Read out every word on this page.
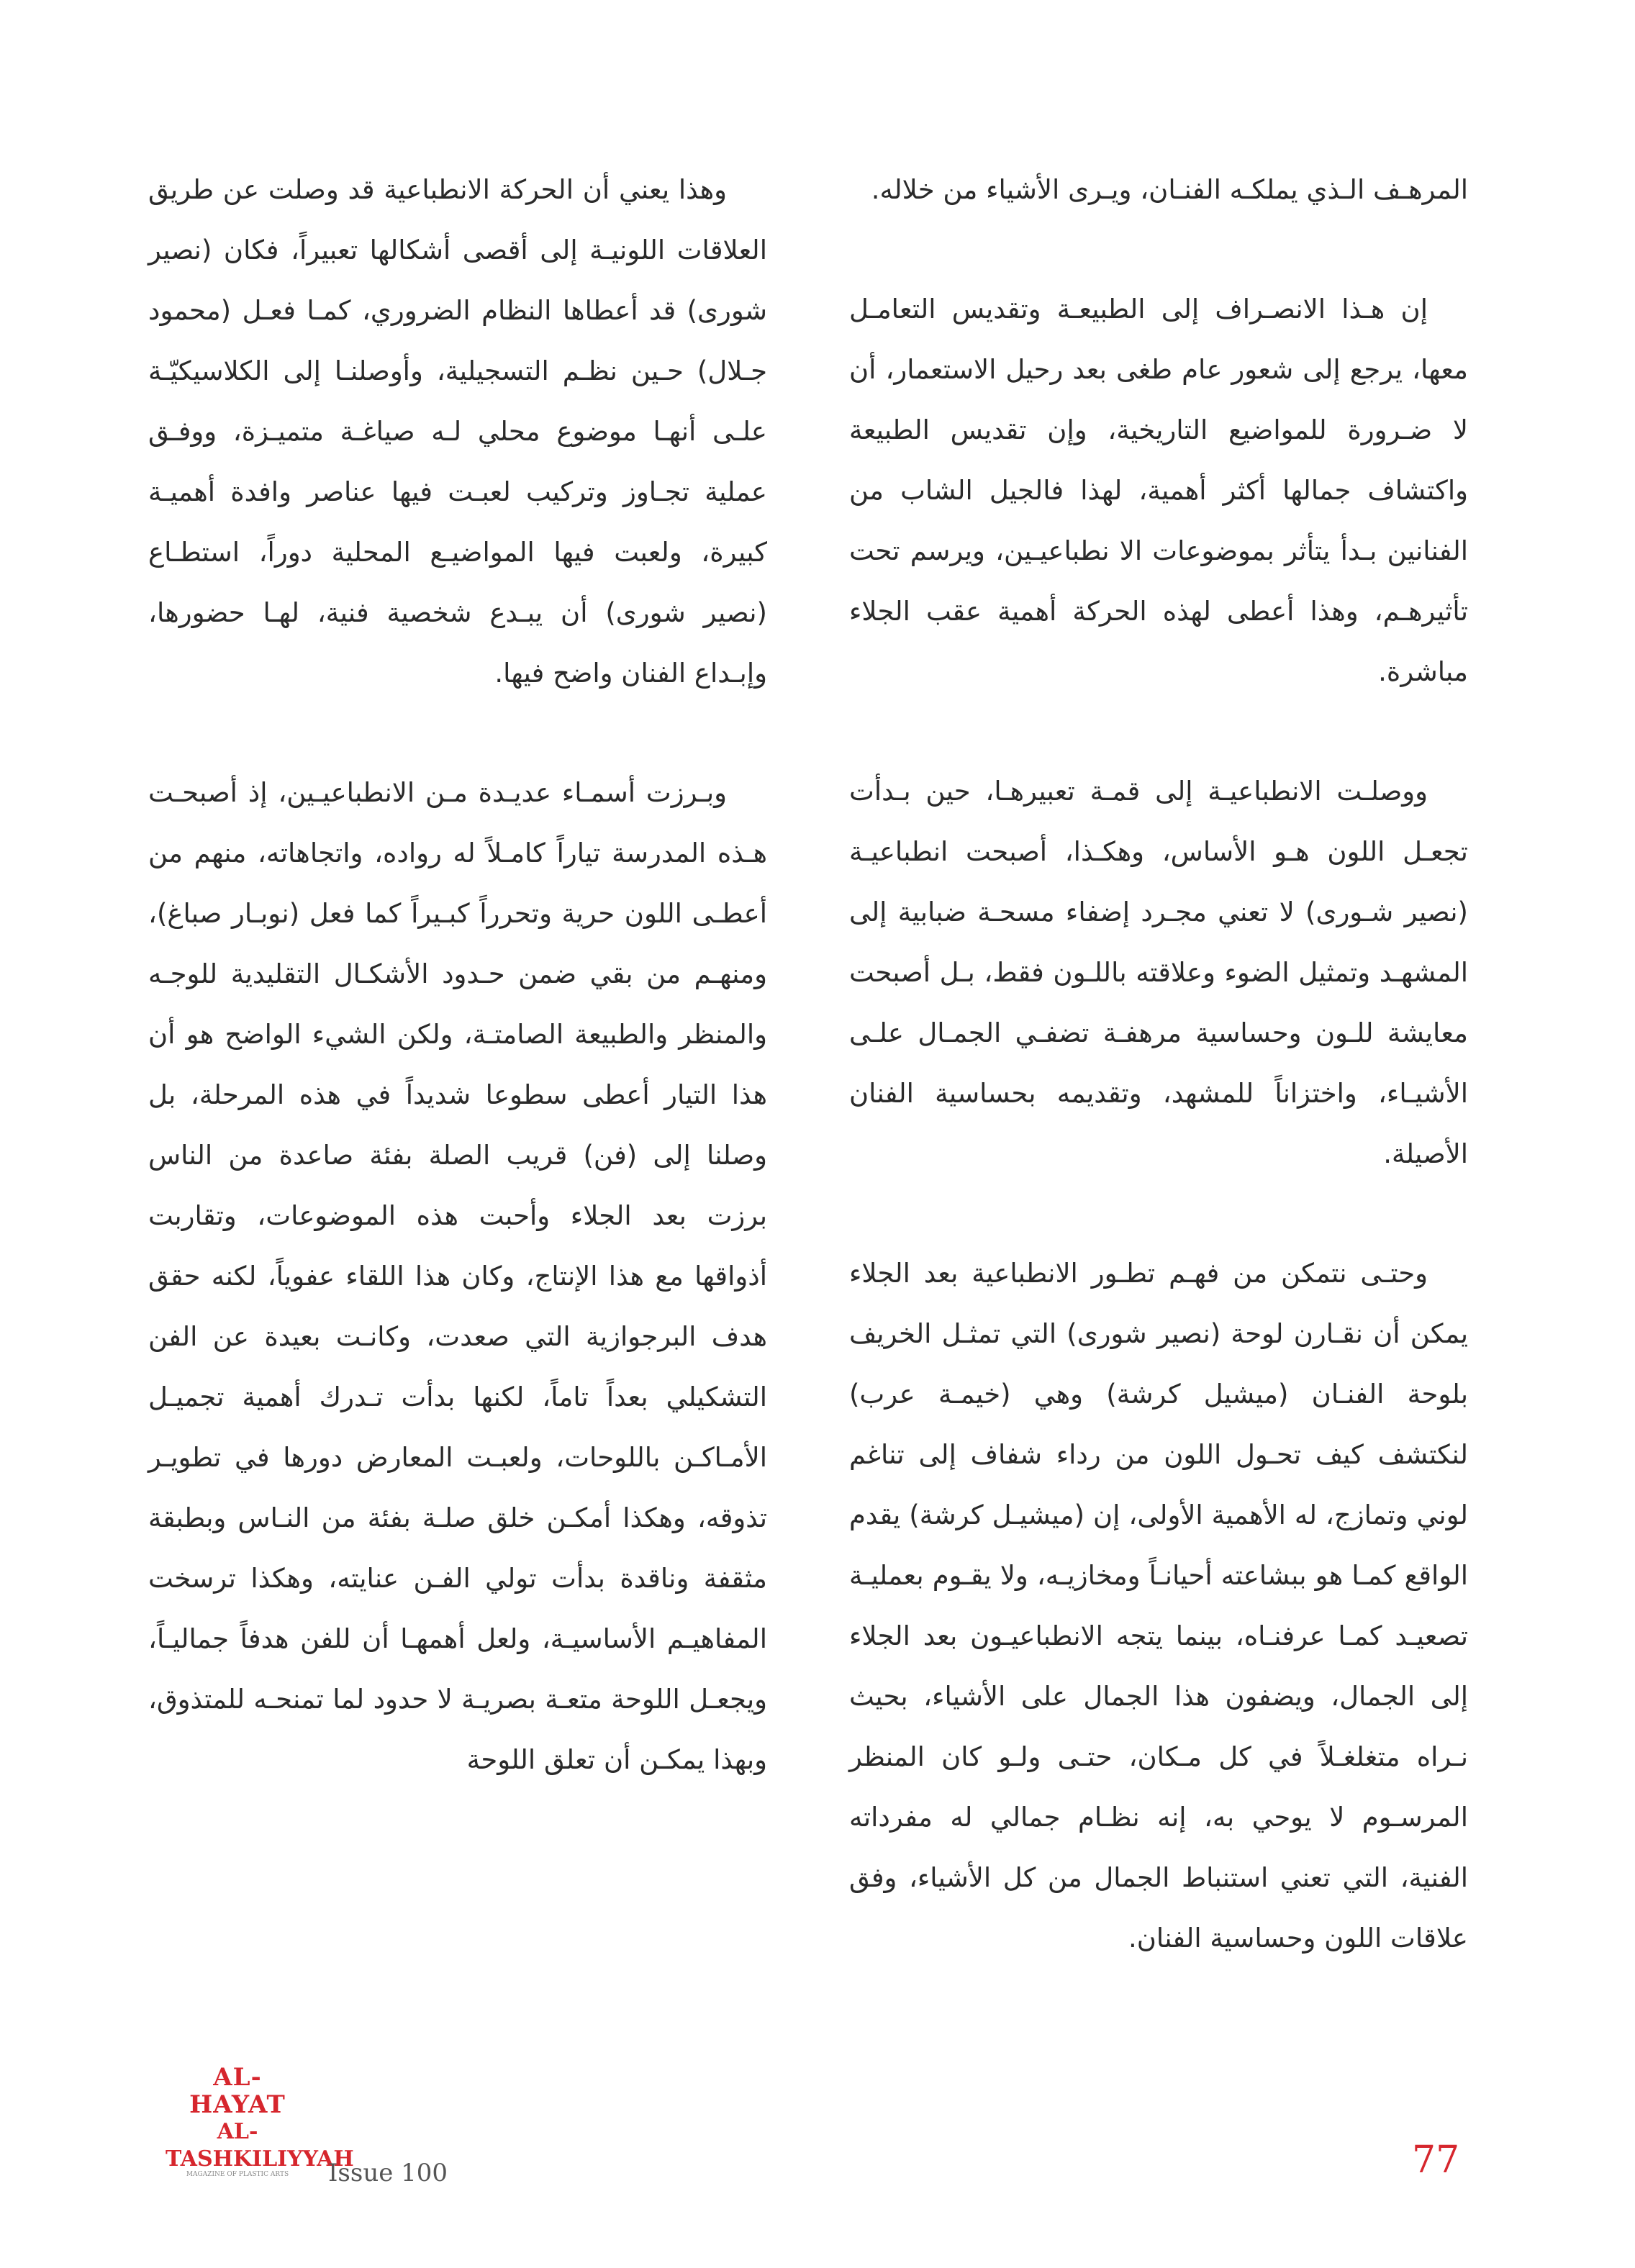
المرهـف الـذي يملكـه الفنـان، ويـرى الأشياء من خلاله.

إن هـذا الانصـراف إلى الطبيعـة وتقديس التعامـل معها، يرجع إلى شعور عام طغى بعد رحيل الاستعمار، أن لا ضـرورة للمواضيع التاريخية، وإن تقديس الطبيعة واكتشاف جمالها أكثر أهمية، لهذا فالجيل الشاب من الفنانين بـدأ يتأثر بموضوعات الا نطباعيـين، ويرسم تحت تأثيرهـم، وهذا أعطى لهذه الحركة أهمية عقب الجلاء مباشرة.

ووصلـت الانطباعيـة إلى قمـة تعبيرهـا، حين بـدأت تجعـل اللون هـو الأساس، وهكـذا، أصبحت انطباعيـة (نصير شـورى) لا تعني مجـرد إضفاء مسحـة ضبابية إلى المشهـد وتمثيل الضوء وعلاقته باللـون فقط، بـل أصبحت معايشة للـون وحساسية مرهفـة تضفـي الجمـال علـى الأشيـاء، واختزاناً للمشهد، وتقديمه بحساسية الفنان الأصيلة.

وحتـى نتمكن من فهـم تطـور الانطباعية بعد الجلاء يمكن أن نقـارن لوحة (نصير شورى) التي تمثـل الخريف بلوحة الفنـان (ميشيل كرشة) وهي (خيمـة عرب) لنكتشف كيف تحـول اللون من رداء شفاف إلى تناغم لوني وتمازج، له الأهمية الأولى، إن (ميشيـل كرشة) يقدم الواقع كمـا هو ببشاعته أحيانـاً ومخازيـه، ولا يقـوم بعمليـة تصعيـد كمـا عرفنـاه، بينما يتجه الانطباعيـون بعد الجلاء إلى الجمال، ويضفون هذا الجمال على الأشياء، بحيث نـراه متغلغـلاً في كل مـكان، حتـى ولـو كان المنظر المرسـوم لا يوحي به، إنه نظـام جمالي له مفرداته الفنية، التي تعني استنباط الجمال من كل الأشياء، وفق علاقات اللون وحساسية الفنان.

وهذا يعني أن الحركة الانطباعية قد وصلت عن طريق العلاقات اللونيـة إلى أقصى أشكالها تعبيراً، فكان (نصير شورى) قد أعطاها النظام الضروري، كمـا فعـل (محمود جـلال) حـين نظـم التسجيلية، وأوصلنـا إلى الكلاسيكيّـة علـى أنهـا موضوع محلي لـه صياغـة متميـزة، ووفـق عملية تجـاوز وتركيب لعبـت فيها عناصر وافدة أهميـة كبيرة، ولعبت فيها المواضيـع المحلية دوراً، استطـاع (نصير شورى) أن يبـدع شخصية فنية، لهـا حضورها، وإبـداع الفنان واضح فيها.

وبـرزت أسمـاء عديـدة مـن الانطباعيـين، إذ أصبحـت هـذه المدرسة تياراً كامـلاً له رواده، واتجاهاته، منهم من أعطـى اللون حرية وتحرراً كبـيراً كما فعل (نوبـار صباغ)، ومنهـم من بقي ضمن حـدود الأشكـال التقليدية للوجـه والمنظر والطبيعة الصامتـة، ولكن الشيء الواضح هو أن هذا التيار أعطى سطوعا شديداً في هذه المرحلة، بل وصلنا إلى (فن) قريب الصلة بفئة صاعدة من الناس برزت بعد الجلاء وأحبت هذه الموضوعات، وتقاربت أذواقها مع هذا الإنتاج، وكان هذا اللقاء عفوياً، لكنه حقق هدف البرجوازية التي صعدت، وكانـت بعيدة عن الفن التشكيلي بعداً تاماً، لكنها بدأت تـدرك أهمية تجميـل الأمـاكـن باللوحات، ولعبـت المعارض دورها في تطويـر تذوقه، وهكذا أمكـن خلق صلـة بفئة من النـاس وبطبقة مثقفة وناقدة بدأت تولي الفـن عنايته، وهكذا ترسخت المفاهيـم الأساسيـة، ولعل أهمهـا أن للفن هدفاً جماليـاً، ويجعـل اللوحة متعـة بصريـة لا حدود لما تمنحـه للمتذوق، وبهذا يمكـن أن تعلق اللوحة

AL-HAYAT
AL-TASHKILIYYAH
MAGAZINE OF PLASTIC ARTS	Issue 100	77
